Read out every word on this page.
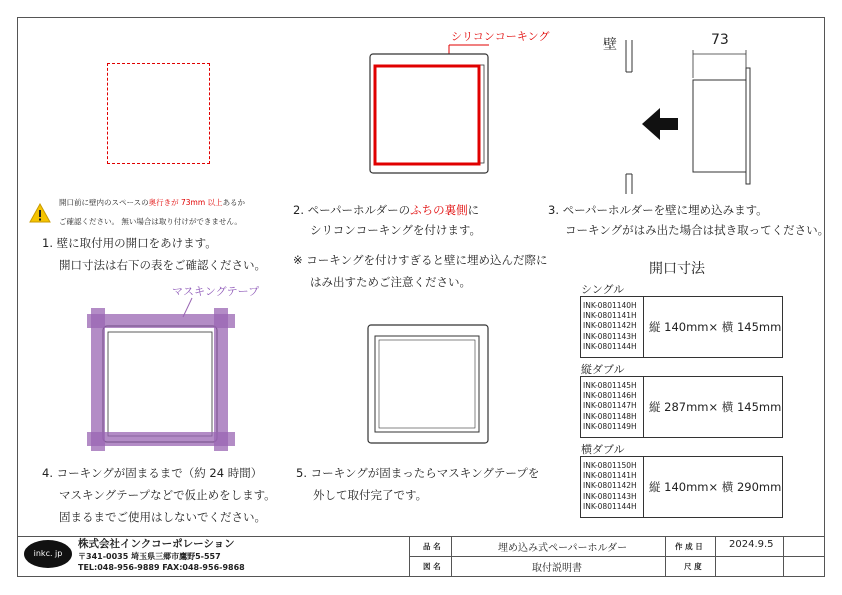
開口前に壁内のスペースの奥行きが 73mm 以上あるか
ご確認ください。 無い場合は取り付けができません。
1. 壁に取付用の開口をあけます。
開口寸法は右下の表をご確認ください。
シリコンコーキング
2. ペーパーホルダーのふちの裏側に
シリコンコーキングを付けます。
※ コーキングを付けすぎると壁に埋め込んだ際に
はみ出すためご注意ください。
壁	73
3. ペーパーホルダーを壁に埋め込みます。
コーキングがはみ出た場合は拭き取ってください。
マスキングテープ
4. コーキングが固まるまで（約 24 時間）
マスキングテープなどで仮止めをします。
固まるまでご使用はしないでください。
5. コーキングが固まったらマスキングテープを
外して取付完了です。
開口寸法
シングル
INK-0801140H
INK-0801141H
INK-0801142H
INK-0801143H
INK-0801144H
縦 140mm× 横 145mm
縦ダブル
INK-0801145H
INK-0801146H
INK-0801147H
INK-0801148H
INK-0801149H
縦 287mm× 横 145mm
横ダブル
INK-0801150H
INK-0801141H
INK-0801142H
INK-0801143H
INK-0801144H
縦 140mm× 横 290mm
inkc. jp
株式会社インクコーポレーション
〒341-0035 埼玉県三郷市鷹野5-557
TEL:048-956-9889 FAX:048-956-9868
品 名
図 名
埋め込み式ペーパーホルダー
取付説明書
作 成 日
尺 度
2024.9.5
